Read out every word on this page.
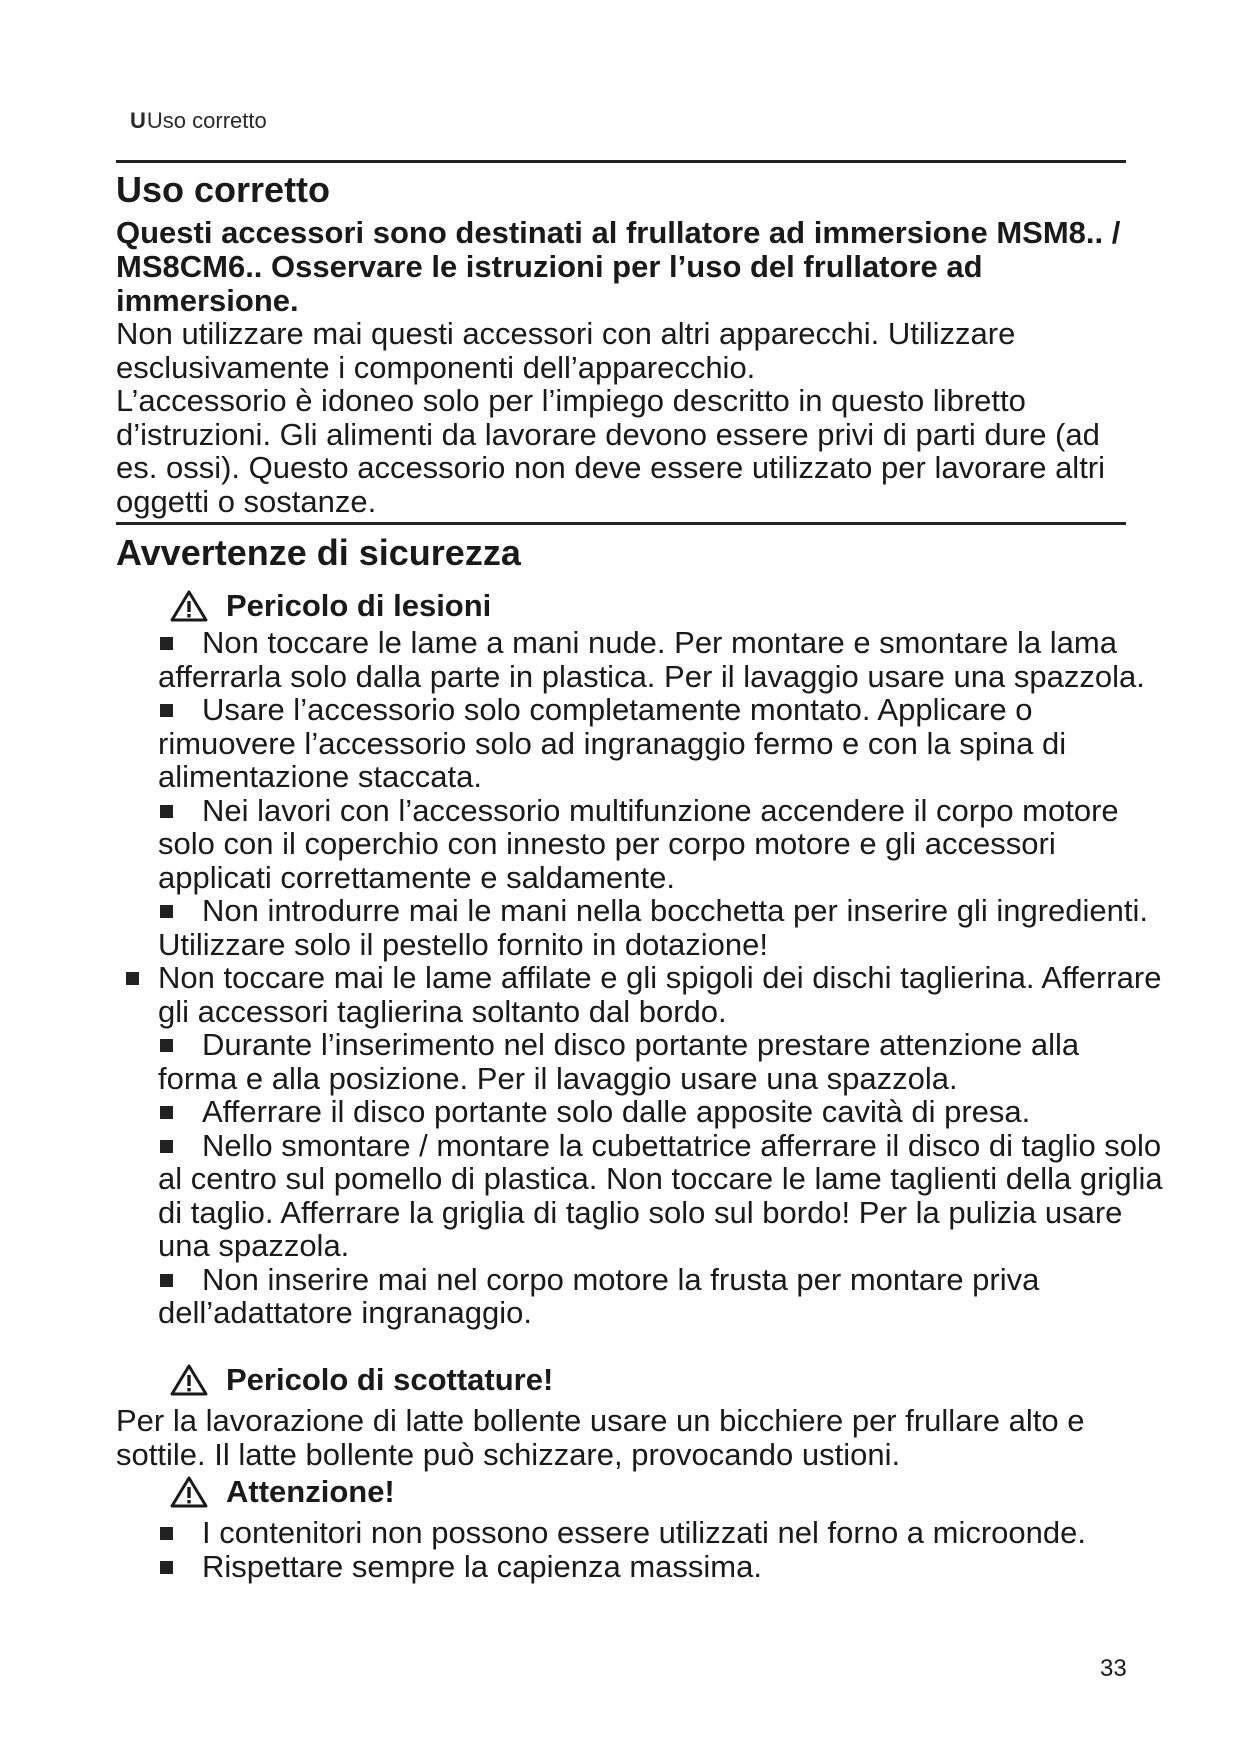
U Uso corretto
Uso corretto

Questi accessori sono destinati al frullatore ad immersione MSM8.. / MS8CM6.. Osservare le istruzioni per l’uso del frullatore ad immersione.

Non utilizzare mai questi accessori con altri apparecchi. Utilizzare esclusivamente i componenti dell’apparecchio.

L’accessorio è idoneo solo per l’impiego descritto in questo libretto d’istruzioni. Gli alimenti da lavorare devono essere privi di parti dure (ad es. ossi). Questo accessorio non deve essere utilizzato per lavorare altri oggetti o sostanze.

Avvertenze di sicurezza
Pericolo di lesioni
Non toccare le lame a mani nude. Per montare e smontare la lama afferrarla solo dalla parte in plastica. Per il lavaggio usare una spazzola.
Usare l’accessorio solo completamente montato. Applicare o rimuovere l’accessorio solo ad ingranaggio fermo e con la spina di alimentazione staccata.
Nei lavori con l’accessorio multifunzione accendere il corpo motore solo con il coperchio con innesto per corpo motore e gli accessori applicati correttamente e saldamente.
Non introdurre mai le mani nella bocchetta per inserire gli ingredienti. Utilizzare solo il pestello fornito in dotazione!
Non toccare mai le lame affilate e gli spigoli dei dischi taglierina. Afferrare gli accessori taglierina soltanto dal bordo.
Durante l’inserimento nel disco portante prestare attenzione alla forma e alla posizione. Per il lavaggio usare una spazzola.
Afferrare il disco portante solo dalle apposite cavità di presa.
Nello smontare / montare la cubettatrice afferrare il disco di taglio solo al centro sul pomello di plastica. Non toccare le lame taglienti della griglia di taglio. Afferrare la griglia di taglio solo sul bordo! Per la pulizia usare una spazzola.
Non inserire mai nel corpo motore la frusta per montare priva dell’adattatore ingranaggio.
Pericolo di scottature!

Per la lavorazione di latte bollente usare un bicchiere per frullare alto e sottile. Il latte bollente può schizzare, provocando ustioni.

Attenzione!
I contenitori non possono essere utilizzati nel forno a microonde.
Rispettare sempre la capienza massima.
33
